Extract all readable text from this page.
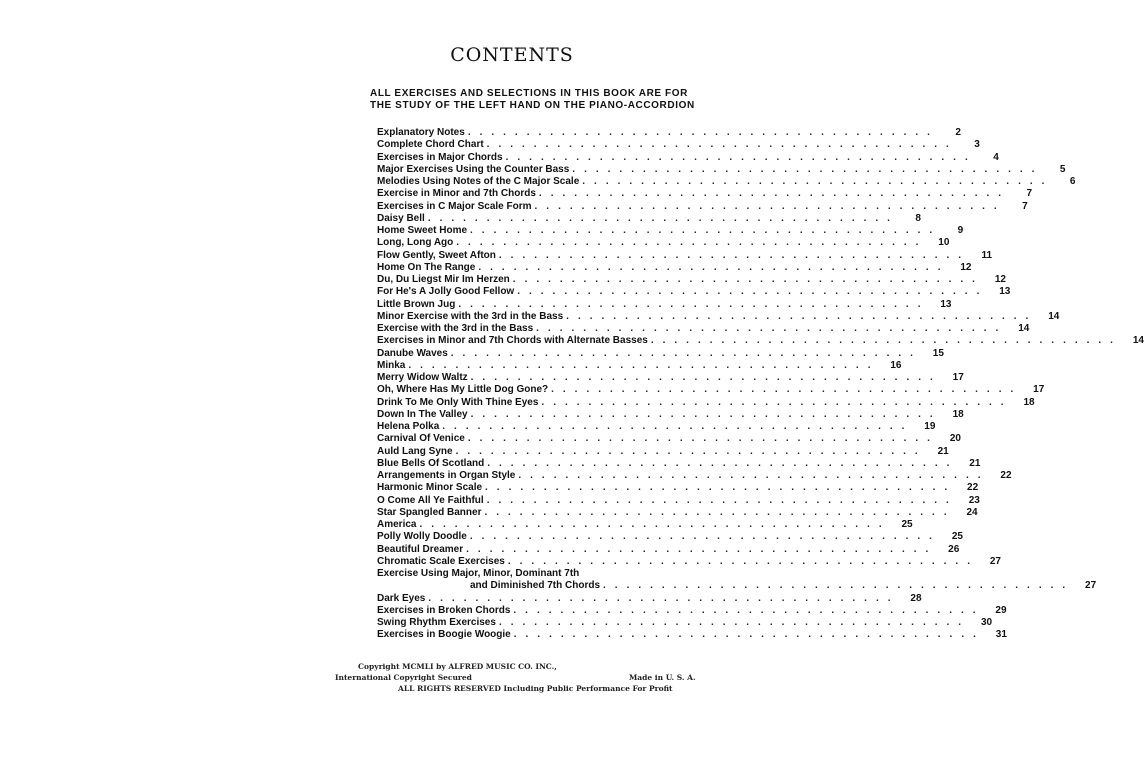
CONTENTS
ALL EXERCISES AND SELECTIONS IN THIS BOOK ARE FOR
THE STUDY OF THE LEFT HAND ON THE PIANO-ACCORDION
Explanatory Notes ........................................	2
Complete Chord Chart ........................................	3
Exercises in Major Chords ........................................	4
Major Exercises Using the Counter Bass ........................................	5
Melodies Using Notes of the C Major Scale ........................................	6
Exercise in Minor and 7th Chords ........................................	7
Exercises in C Major Scale Form ........................................	7
Daisy Bell ........................................	8
Home Sweet Home ........................................	9
Long, Long Ago ........................................	10
Flow Gently, Sweet Afton ........................................	11
Home On The Range ........................................	12
Du, Du Liegst Mir Im Herzen ........................................	12
For He's A Jolly Good Fellow ........................................	13
Little Brown Jug ........................................	13
Minor Exercise with the 3rd in the Bass ........................................	14
Exercise with the 3rd in the Bass ........................................	14
Exercises in Minor and 7th Chords with Alternate Basses ........................................	14
Danube Waves ........................................	15
Minka ........................................	16
Merry Widow Waltz ........................................	17
Oh, Where Has My Little Dog Gone? ........................................	17
Drink To Me Only With Thine Eyes ........................................	18
Down In The Valley ........................................	18
Helena Polka ........................................	19
Carnival Of Venice ........................................	20
Auld Lang Syne ........................................	21
Blue Bells Of Scotland ........................................	21
Arrangements in Organ Style ........................................	22
Harmonic Minor Scale ........................................	22
O Come All Ye Faithful ........................................	23
Star Spangled Banner ........................................	24
America ........................................	25
Polly Wolly Doodle ........................................	25
Beautiful Dreamer ........................................	26
Chromatic Scale Exercises ........................................	27
Exercise Using Major, Minor, Dominant 7th
and Diminished 7th Chords ........................................	27
Dark Eyes ........................................	28
Exercises in Broken Chords ........................................	29
Swing Rhythm Exercises ........................................	30
Exercises in Boogie Woogie ........................................	31
Copyright MCMLI by ALFRED MUSIC CO. INC.,
International Copyright Secured	Made in U. S. A.
ALL RIGHTS RESERVED Including Public Performance For Profit
